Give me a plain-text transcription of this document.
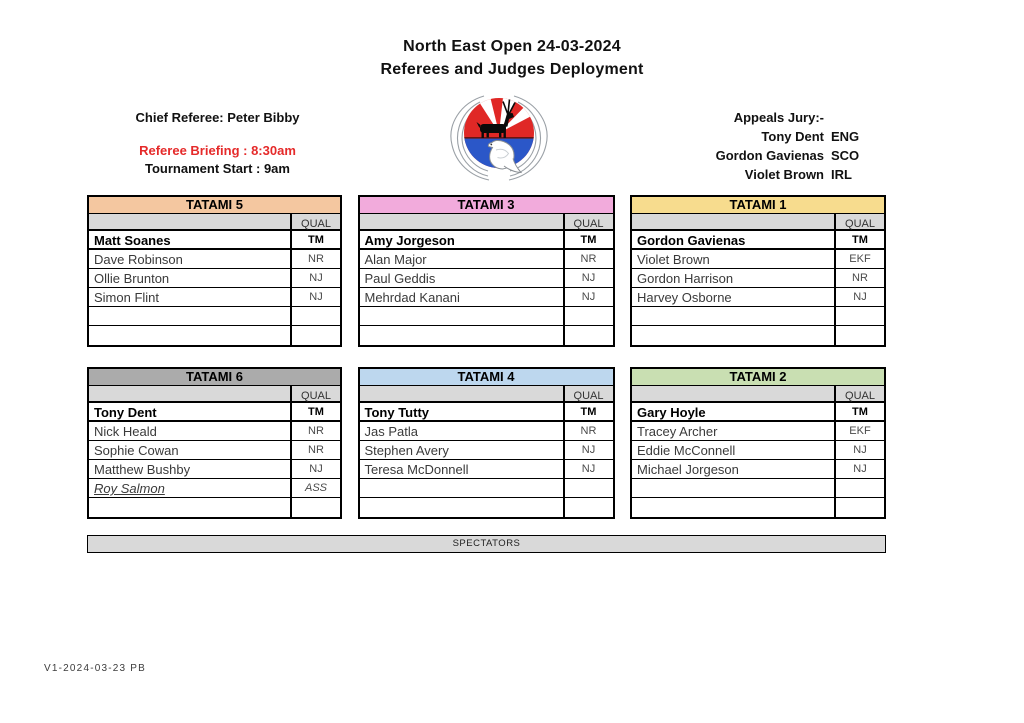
North East Open 24-03-2024
Referees and Judges Deployment
Chief Referee: Peter Bibby
Referee Briefing : 8:30am
Tournament Start : 9am
Appeals Jury:-
Tony Dent ENG
Gordon Gavienas SCO
Violet Brown IRL
TATAMI 5
QUAL
Matt Soanes	TM
Dave Robinson	NR
Ollie Brunton	NJ
Simon Flint	NJ
TATAMI 3
QUAL
Amy Jorgeson	TM
Alan Major	NR
Paul Geddis	NJ
Mehrdad Kanani	NJ
TATAMI 1
QUAL
Gordon Gavienas	TM
Violet Brown	EKF
Gordon Harrison	NR
Harvey Osborne	NJ
TATAMI 6
QUAL
Tony Dent	TM
Nick Heald	NR
Sophie Cowan	NR
Matthew Bushby	NJ
Roy Salmon	ASS
TATAMI 4
QUAL
Tony Tutty	TM
Jas Patla	NR
Stephen Avery	NJ
Teresa McDonnell	NJ
TATAMI 2
QUAL
Gary Hoyle	TM
Tracey Archer	EKF
Eddie McConnell	NJ
Michael Jorgeson	NJ
SPECTATORS
V1-2024-03-23 PB
